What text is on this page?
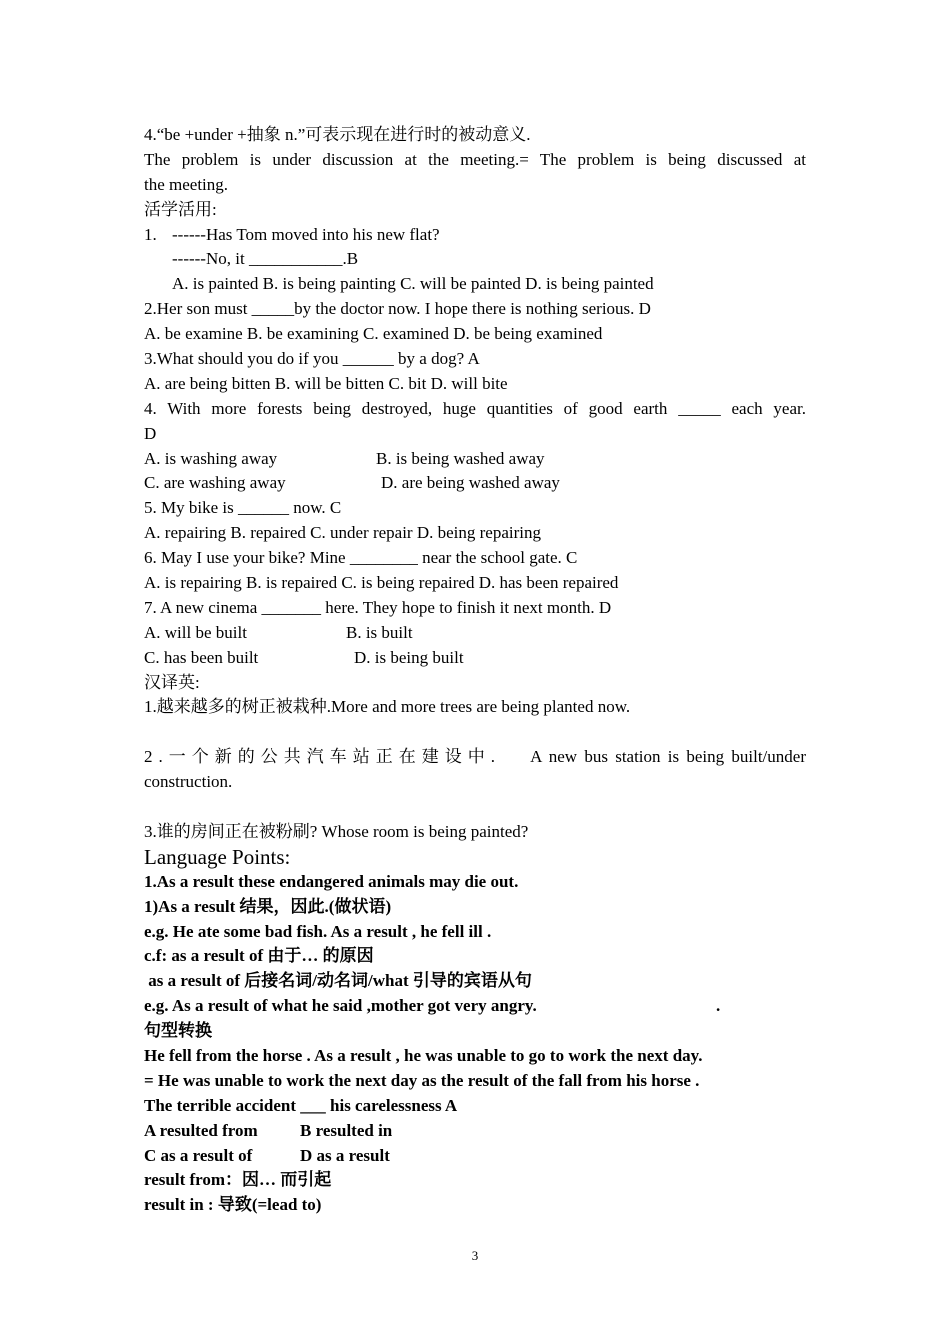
4.“be +under +抽象 n.”可表示现在进行时的被动意义.
The problem is under discussion at the meeting.= The problem is being discussed at
the meeting.
活学活用:
1. ------Has Tom moved into his new flat?
------No, it ___________.B
A. is painted B. is being painting C. will be painted D. is being painted
2.Her son must _____by the doctor now. I hope there is nothing serious. D
A. be examine B. be examining C. examined D. be being examined
3.What should you do if you ______ by a dog? A
A. are being bitten B. will be bitten C. bit D. will bite
4. With more forests being destroyed, huge quantities of good earth _____ each year.
D
A. is washing away	B. is being washed away
C. are washing away	D. are being washed away
5. My bike is ______ now. C
A. repairing B. repaired C. under repair D. being repairing
6. May I use your bike? Mine ________ near the school gate. C
A. is repairing B. is repaired C. is being repaired D. has been repaired
7. A new cinema _______ here. They hope to finish it next month. D
A. will be built	B. is built
C. has been built	D. is being built
汉译英:
1.越来越多的树正被栽种.More and more trees are being planted now.
2.一个新的公共汽车站正在建设中. A new bus station is being built/under
construction.
3.谁的房间正在被粉刷? Whose room is being painted?
Language Points:
1.As a result these endangered animals may die out.
1)As a result 结果，因此.(做状语)
e.g. He ate some bad fish. As a result , he fell ill .
c.f: as a result of 由于… 的原因
as a result of 后接名词/动名词/what 引导的宾语从句
e.g. As a result of what he said ,mother got very angry.	.
句型转换
He fell from the horse . As a result , he was unable to go to work the next day.
= He was unable to work the next day as the result of the fall from his horse .
The terrible accident ___ his carelessness A
A resulted from B resulted in
C as a result of	D as a result
result from：因… 而引起
result in : 导致(=lead to)
3
